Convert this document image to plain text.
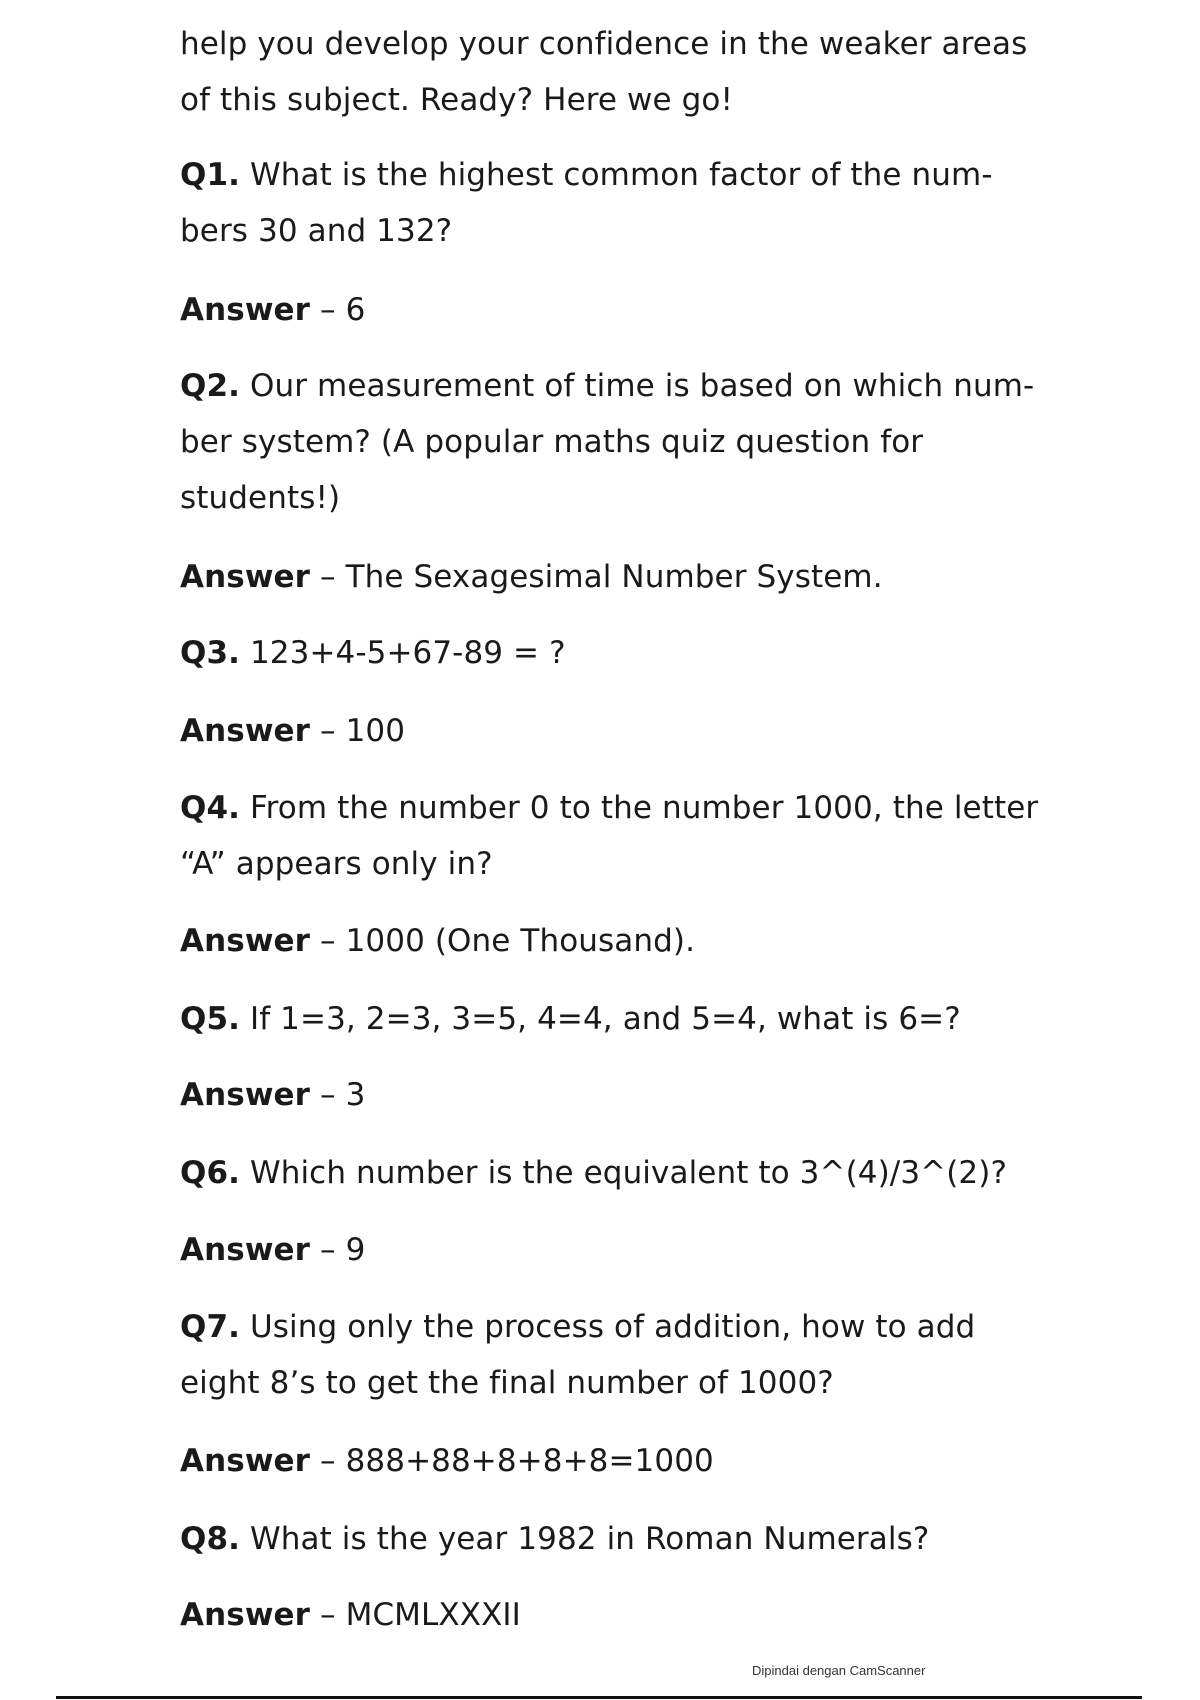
help you develop your confidence in the weaker areas of this subject. Ready? Here we go!

Q1. What is the highest common factor of the num-bers 30 and 132?

Answer – 6

Q2. Our measurement of time is based on which num-ber system? (A popular maths quiz question for students!)

Answer – The Sexagesimal Number System.

Q3. 123+4-5+67-89 = ?

Answer – 100

Q4. From the number 0 to the number 1000, the letter “A” appears only in?

Answer – 1000 (One Thousand).

Q5. If 1=3, 2=3, 3=5, 4=4, and 5=4, what is 6=?

Answer – 3

Q6. Which number is the equivalent to 3^(4)/3^(2)?

Answer – 9

Q7. Using only the process of addition, how to add eight 8’s to get the final number of 1000?

Answer – 888+88+8+8+8=1000

Q8. What is the year 1982 in Roman Numerals?

Answer – MCMLXXXII

Dipindai dengan CamScanner
